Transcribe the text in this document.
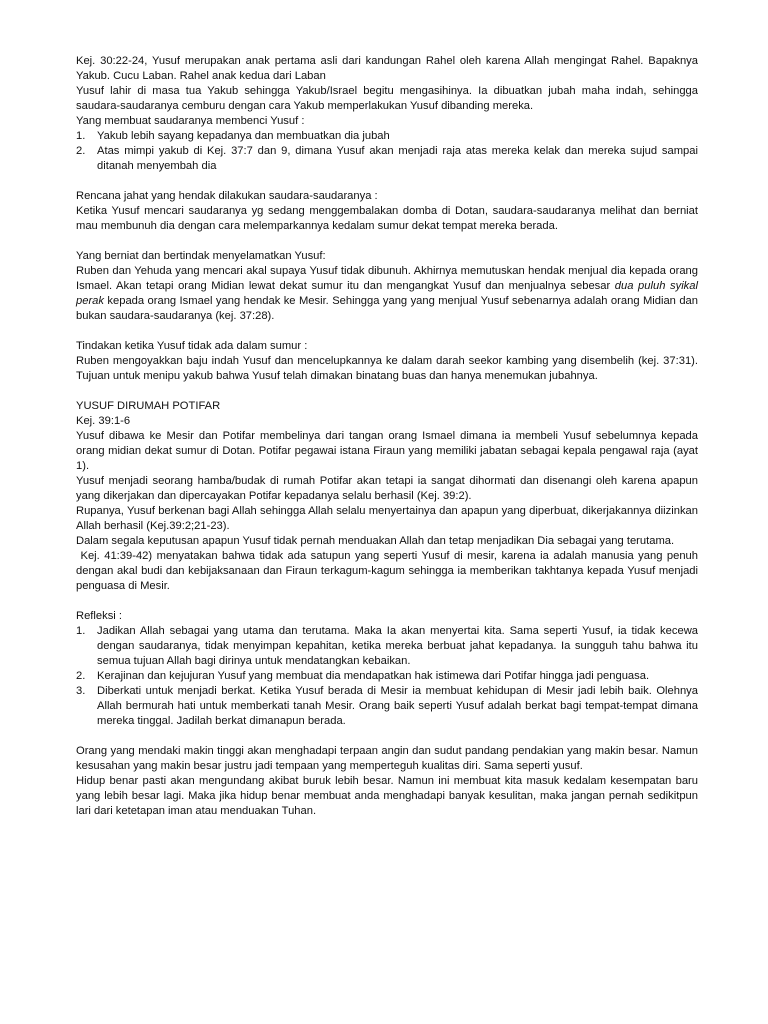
Kej. 30:22-24, Yusuf merupakan anak pertama asli dari kandungan Rahel oleh karena Allah mengingat Rahel. Bapaknya Yakub. Cucu Laban. Rahel anak kedua dari Laban

Yusuf lahir di masa tua Yakub sehingga Yakub/Israel begitu mengasihinya. Ia dibuatkan jubah maha indah, sehingga saudara-saudaranya cemburu dengan cara Yakub memperlakukan Yusuf dibanding mereka.

Yang membuat saudaranya membenci Yusuf :

1. Yakub lebih sayang kepadanya dan membuatkan dia jubah
2. Atas mimpi yakub di Kej. 37:7 dan 9, dimana Yusuf akan menjadi raja atas mereka kelak dan mereka sujud sampai ditanah menyembah dia

Rencana jahat yang hendak dilakukan saudara-saudaranya :

Ketika Yusuf mencari saudaranya yg sedang menggembalakan domba di Dotan, saudara-saudaranya melihat dan berniat mau membunuh dia dengan cara melemparkannya kedalam sumur dekat tempat mereka berada.

Yang berniat dan bertindak menyelamatkan Yusuf:

Ruben dan Yehuda yang mencari akal supaya Yusuf tidak dibunuh. Akhirnya memutuskan hendak menjual dia kepada orang Ismael. Akan tetapi orang Midian lewat dekat sumur itu dan mengangkat Yusuf dan menjualnya sebesar dua puluh syikal perak kepada orang Ismael yang hendak ke Mesir. Sehingga yang yang menjual Yusuf sebenarnya adalah orang Midian dan bukan saudara-saudaranya (kej. 37:28).

Tindakan ketika Yusuf tidak ada dalam sumur :

Ruben mengoyakkan baju indah Yusuf dan mencelupkannya ke dalam darah seekor kambing yang disembelih (kej. 37:31). Tujuan untuk menipu yakub bahwa Yusuf telah dimakan binatang buas dan hanya menemukan jubahnya.

YUSUF DIRUMAH POTIFAR

Kej. 39:1-6

Yusuf dibawa ke Mesir dan Potifar membelinya dari tangan orang Ismael dimana ia membeli Yusuf sebelumnya kepada orang midian dekat sumur di Dotan. Potifar pegawai istana Firaun yang memiliki jabatan sebagai kepala pengawal raja (ayat 1).

Yusuf menjadi seorang hamba/budak di rumah Potifar akan tetapi ia sangat dihormati dan disenangi oleh karena apapun yang dikerjakan dan dipercayakan Potifar kepadanya selalu berhasil (Kej. 39:2).

Rupanya, Yusuf berkenan bagi Allah sehingga Allah selalu menyertainya dan apapun yang diperbuat, dikerjakannya diizinkan Allah berhasil (Kej.39:2;21-23).

Dalam segala keputusan apapun Yusuf tidak pernah menduakan Allah dan tetap menjadikan Dia sebagai yang terutama.

Kej. 41:39-42) menyatakan bahwa tidak ada satupun yang seperti Yusuf di mesir, karena ia adalah manusia yang penuh dengan akal budi dan kebijaksanaan dan Firaun terkagum-kagum sehingga ia memberikan takhtanya kepada Yusuf menjadi penguasa di Mesir.

Refleksi :

1. Jadikan Allah sebagai yang utama dan terutama. Maka Ia akan menyertai kita. Sama seperti Yusuf, ia tidak kecewa dengan saudaranya, tidak menyimpan kepahitan, ketika mereka berbuat jahat kepadanya. Ia sungguh tahu bahwa itu semua tujuan Allah bagi dirinya untuk mendatangkan kebaikan.
2. Kerajinan dan kejujuran Yusuf yang membuat dia mendapatkan hak istimewa dari Potifar hingga jadi penguasa.
3. Diberkati untuk menjadi berkat. Ketika Yusuf berada di Mesir ia membuat kehidupan di Mesir jadi lebih baik. Olehnya Allah bermurah hati untuk memberkati tanah Mesir. Orang baik seperti Yusuf adalah berkat bagi tempat-tempat dimana mereka tinggal. Jadilah berkat dimanapun berada.

Orang yang mendaki makin tinggi akan menghadapi terpaan angin dan sudut pandang pendakian yang makin besar. Namun kesusahan yang makin besar justru jadi tempaan yang memperteguh kualitas diri. Sama seperti yusuf.

Hidup benar pasti akan mengundang akibat buruk lebih besar. Namun ini membuat kita masuk kedalam kesempatan baru yang lebih besar lagi. Maka jika hidup benar membuat anda menghadapi banyak kesulitan, maka jangan pernah sedikitpun lari dari ketetapan iman atau menduakan Tuhan.
